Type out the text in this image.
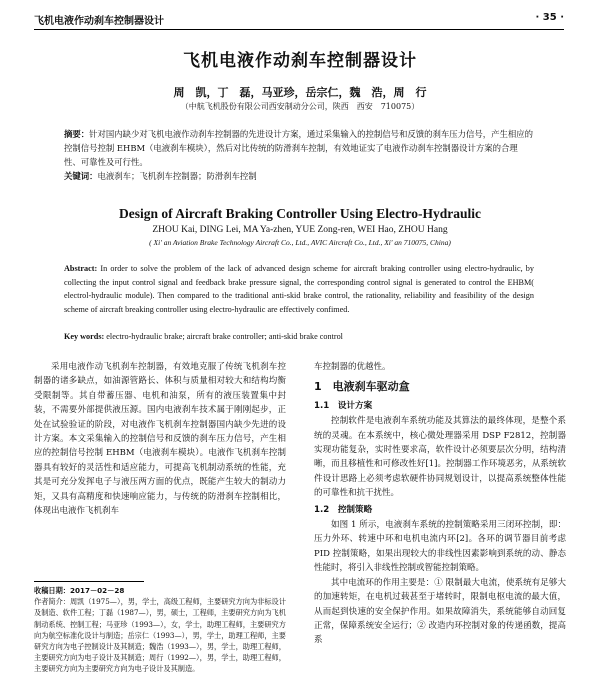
飞机电液作动刹车控制器设计	· 35 ·
飞机电液作动刹车控制器设计
周　凯，丁　磊，马亚珍，岳宗仁，魏　浩，周　行
（中航飞机股份有限公司西安制动分公司，陕西　西安　710075）
摘要：针对国内缺少对飞机电液作动刹车控制器的先进设计方案，通过采集输入的控制信号和反馈的刹车压力信号，产生相应的控制信号控制 EHBM（电液刹车模块），然后对比传统的防滑刹车控制，有效地证实了电液作动刹车控制器设计方案的合理性、可靠性及可行性。
关键词：电液刹车；飞机刹车控制器；防滑刹车控制
Design of Aircraft Braking Controller Using Electro-Hydraulic
ZHOU Kai, DING Lei, MA Ya-zhen, YUE Zong-ren, WEI Hao, ZHOU Hang
( Xi' an Aviation Brake Technology Aircraft Co., Ltd., AVIC Aircraft Co., Ltd., Xi' an 710075, China)
Abstract: In order to solve the problem of the lack of advanced design scheme for aircraft braking controller using electro-hydraulic, by collecting the input control signal and feedback brake pressure signal, the corresponding control signal is generated to control the EHBM( electrol-hydraulic module). Then compared to the traditional anti-skid brake control, the rationality, reliability and feasibility of the design scheme of aircraft breaking controller using electro-hydraulic are effectively confimed.
Key words: electro-hydraulic brake; aircraft brake controller; anti-skid brake control

采用电液作动飞机刹车控制器，有效地克服了传统飞机刹车控制器的诸多缺点，如油源管路长、体积与质量相对较大和结构均衡受限制等。其自带蓄压器、电机和油泵，所有的液压装置集中封装，不需要外部提供液压源。国内电液刹车技术属于刚刚起步，正处在试验验证的阶段，对电液作飞机刹车控制器国内缺少先进的设计方案。本文采集输入的控制信号和反馈的刹车压力信号，产生相应的控制信号控制 EHBM（电液刹车模块）。电液作飞机刹车控制器具有较好的灵活性和适应能力，可提高飞机制动系统的性能，充其是可充分发挥电子与液压两方面的优点，既能产生较大的制动力矩，又具有高精度和快速响应能力，与传统的防滑刹车控制相比，体现出电液作飞机刹车

收稿日期：2017－02－28

作者简介：周凯（1975—），男，学士，高级工程师，主要研究方向为非标设计及制造、软件工程；丁磊（1987—），男，硕士，工程师，主要研究方向为飞机制动系统、控制工程；马亚珍（1993—），女，学士，助理工程师，主要研究方向为航空标准化设计与制造；岳宗仁（1993—），男，学士，助理工程师，主要研究方向为电子控制设计及其制造；魏浩（1993—），男，学士，助理工程师，主要研究方向为电子设计及其制造；周行（1992—），男，学士，助理工程师，主要研究方向为主要研究方向为电子设计及其制造。

车控制器的优越性。

1　电液刹车驱动盒
1.1　设计方案

控制软件是电液刹车系统功能及其算法的最终体现，是整个系统的灵魂。在本系统中，核心微处理器采用 DSP F2812，控制器实现功能复杂，实时性要求高，软件设计必须要层次分明，结构清晰，而且移植性和可修改性好[1]。控制器工作环境恶劣，从系统软件设计思路上必须考虑软硬件协同规划设计，以提高系统整体性能的可靠性和抗干扰性。

1.2　控制策略

如图 1 所示，电液刹车系统的控制策略采用三闭环控制，即：压力外环、转速中环和电机电流内环[2]。各环的调节器目前考虑 PID 控制策略，如果出现较大的非线性因素影响到系统的动、静态性能时，将引入非线性控制或智能控制策略。

其中电流环的作用主要是：① 限制最大电流，使系统有足够大的加速转矩，在电机过载甚至于堵转时，限制电枢电流的最大值，从而起到快速的安全保护作用。如果故障消失，系统能够自动回复正常，保障系统安全运行；② 改造内环控制对象的传递函数，提高系
